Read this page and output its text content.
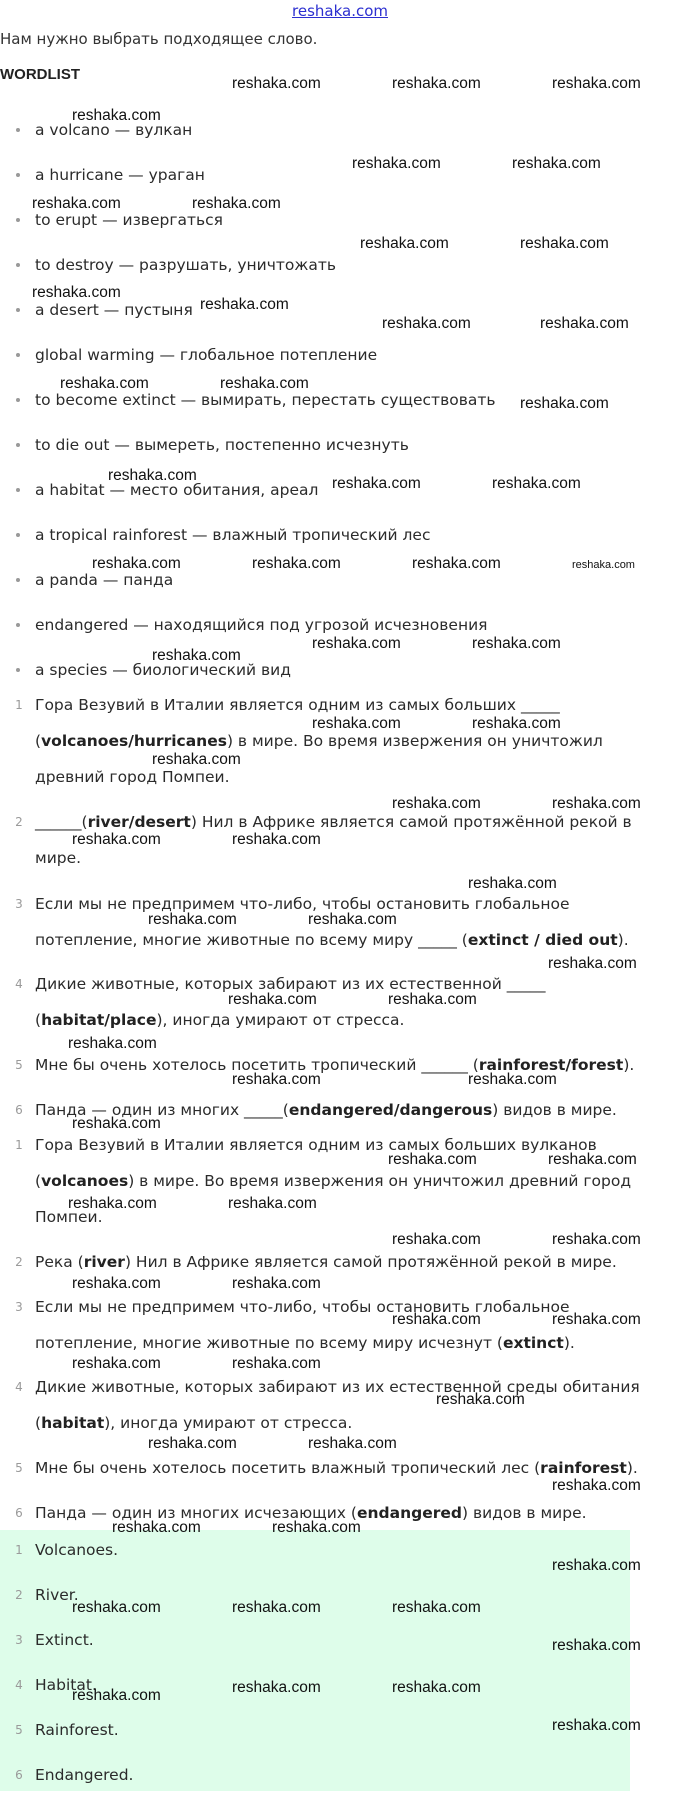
reshaka.com
Нам нужно выбрать подходящее слово.
WORDLIST
a volcano — вулкан
a hurricane — ураган
to erupt — извергаться
to destroy — разрушать, уничтожать
a desert — пустыня
global warming — глобальное потепление
to become extinct — вымирать, перестать существовать
to die out — вымереть, постепенно исчезнуть
a habitat — место обитания, ареал
a tropical rainforest — влажный тропический лес
a panda — панда
endangered — находящийся под угрозой исчезновения
a species — биологический вид
1 Гора Везувий в Италии является одним из самых больших _____
(volcanoes/hurricanes) в мире. Во время извержения он уничтожил
древний город Помпеи.
2 ______(river/desert) Нил в Африке является самой протяжённой рекой в
мире.
3 Если мы не предпримем что-либо, чтобы остановить глобальное
потепление, многие животные по всему миру _____ (extinct / died out).
4 Дикие животные, которых забирают из их естественной _____
(habitat/place), иногда умирают от стресса.
5 Мне бы очень хотелось посетить тропический ______ (rainforest/forest).
6 Панда — один из многих _____(endangered/dangerous) видов в мире.
1 Гора Везувий в Италии является одним из самых больших вулканов
(volcanoes) в мире. Во время извержения он уничтожил древний город
Помпеи.
2 Река (river) Нил в Африке является самой протяжённой рекой в мире.
3 Если мы не предпримем что-либо, чтобы остановить глобальное
потепление, многие животные по всему миру исчезнут (extinct).
4 Дикие животные, которых забирают из их естественной среды обитания
(habitat), иногда умирают от стресса.
5 Мне бы очень хотелось посетить влажный тропический лес (rainforest).
6 Панда — один из многих исчезающих (endangered) видов в мире.
1 Volcanoes.
2 River.
3 Extinct.
4 Habitat.
5 Rainforest.
6 Endangered.
reshaka.com	reshaka.com	reshaka.com
reshaka.com
reshaka.com	reshaka.com
reshaka.com	reshaka.com
reshaka.com	reshaka.com
reshaka.com
reshaka.com
reshaka.com	reshaka.com
reshaka.com	reshaka.com
reshaka.com
reshaka.com	reshaka.com	reshaka.com
reshaka.com	reshaka.com	reshaka.com	reshaka.com
reshaka.com	reshaka.com
reshaka.com
reshaka.com	reshaka.com
reshaka.com
reshaka.com	reshaka.com
reshaka.com	reshaka.com
reshaka.com
reshaka.com	reshaka.com
reshaka.com
reshaka.com	reshaka.com
reshaka.com
reshaka.com	reshaka.com
reshaka.com
reshaka.com	reshaka.com
reshaka.com	reshaka.com
reshaka.com	reshaka.com
reshaka.com	reshaka.com
reshaka.com	reshaka.com
reshaka.com	reshaka.com
reshaka.com
reshaka.com	reshaka.com
reshaka.com
reshaka.com	reshaka.com
reshaka.com
reshaka.com	reshaka.com	reshaka.com
reshaka.com
reshaka.com	reshaka.com
reshaka.com
reshaka.com
